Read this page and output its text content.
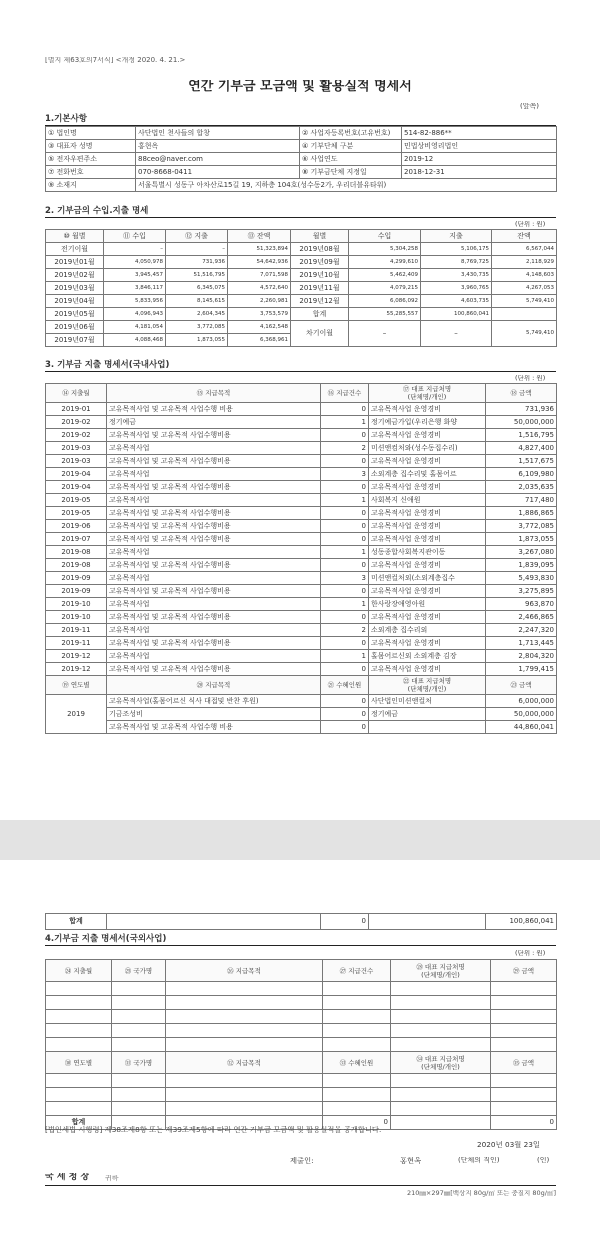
[별지 제63호의7서식] <개정 2020. 4. 21.>
연간 기부금 모금액 및 활용실적 명세서
(앞쪽)
1.기본사항
① 법인명	사단법인 천사들의 합창	② 사업자등록번호(고유번호)	514-82-886**
③ 대표자 성명	홍현옥	④ 기부단체 구분	민법상비영리법인
⑤ 전자우편주소	88ceo@naver.com	⑥ 사업연도	2019-12
⑦ 전화번호	070-8668-0411	⑧ 기부금단체 지정일	2018-12-31
⑨ 소재지	서울특별시 성동구 아차산로15길 19, 지하층 104호(성수동2가, 우리더블유타워)		
2. 기부금의 수입.지출 명세
(단위 : 원)
⑩ 월별	⑪ 수입	⑫ 지출	⑬ 잔액	월별	수입	지출	잔액
전기이월	–	–	51,323,894	2019년08월	5,304,258	5,106,175	6,567,044
2019년01월	4,050,978	731,936	54,642,936	2019년09월	4,299,610	8,769,725	2,118,929
2019년02월	3,945,457	51,516,795	7,071,598	2019년10월	5,462,409	3,430,735	4,148,603
2019년03월	3,846,117	6,345,075	4,572,640	2019년11월	4,079,215	3,960,765	4,267,053
2019년04월	5,833,956	8,145,615	2,260,981	2019년12월	6,086,092	4,603,735	5,749,410
2019년05월	4,096,943	2,604,345	3,753,579	합계	55,285,557	100,860,041	
2019년06월	4,181,054	3,772,085	4,162,548	차기이월	–	–	5,749,410
2019년07월	4,088,468	1,873,055	6,368,961				
3. 기부금 지출 명세서(국내사업)
(단위 : 원)
⑭ 지출월	⑮ 지급목적	⑯ 지급건수	⑰ 대표 지급처명
(단체명/개인)	⑱ 금액
2019-01	고유목적사업 및 고유목적 사업수행 비용	0	고유목적사업 운영경비	731,936
2019-02	정기예금	1	정기예금가입(우리은행 화양	50,000,000
2019-02	고유목적사업 및 고유목적 사업수행비용	0	고유목적사업 운영경비	1,516,795
2019-03	고유목적사업	2	미션앤컴처와(성수동집수리)	4,827,400
2019-03	고유목적사업 및 고유목적 사업수행비용	0	고유목적사업 운영경비	1,517,675
2019-04	고유목적사업	3	소외계층 집수리및 홀몸어르	6,109,980
2019-04	고유목적사업 및 고유목적 사업수행비용	0	고유목적사업 운영경비	2,035,635
2019-05	고유목적사업	1	사회복지 신애원	717,480
2019-05	고유목적사업 및 고유목적 사업수행비용	0	고유목적사업 운영경비	1,886,865
2019-06	고유목적사업 및 고유목적 사업수행비용	0	고유목적사업 운영경비	3,772,085
2019-07	고유목적사업 및 고유목적 사업수행비용	0	고유목적사업 운영경비	1,873,055
2019-08	고유목적사업	1	성동종합사회복지관이동	3,267,080
2019-08	고유목적사업 및 고유목적 사업수행비용	0	고유목적사업 운영경비	1,839,095
2019-09	고유목적사업	3	미션앤컬처외(소외계층집수	5,493,830
2019-09	고유목적사업 및 고유목적 사업수행비용	0	고유목적사업 운영경비	3,275,895
2019-10	고유목적사업	1	한사랑장애영아원	963,870
2019-10	고유목적사업 및 고유목적 사업수행비용	0	고유목적사업 운영경비	2,466,865
2019-11	고유목적사업	2	소외계층 집수리외	2,247,320
2019-11	고유목적사업 및 고유목적 사업수행비용	0	고유목적사업 운영경비	1,713,445
2019-12	고유목적사업	1	홀몸어르신외 소외계층 김장	2,804,320
2019-12	고유목적사업 및 고유목적 사업수행비용	0	고유목적사업 운영경비	1,799,415
⑲ 연도별	⑳ 지급목적	㉑ 수혜인원	㉒ 대표 지급처명
(단체명/개인)	㉓ 금액
2019	고유목적사업(홀몸어르신 식사 대접및 반찬 후원)	0	사단법인미션앤컬처	6,000,000
	기금조성비	0	정기예금	50,000,000
	고유목적사업 및 고유목적 사업수행 비용	0		44,860,041
합계		0		100,860,041
4.기부금 지출 명세서(국외사업)
(단위 : 원)
㉔ 지출월	㉕ 국가명	㉖ 지급목적	㉗ 지급건수	㉘ 대표 지급처명
(단체명/개인)	㉙ 금액

㉚ 연도별	㉛ 국가명	㉜ 지급목적	㉝ 수혜인원	㉞ 대표 지급처명
(단체명/개인)	㉟ 금액

합계			0		0
[법인세법 시행령] 제38조제8항 또는 제39조제5항에 따라 연간 기부금 모금액 및 활용실적을 공개합니다.
2020년 03월 23일
제출인:	홍현옥	(단체의 직인)	(인)
국 세 청 장 귀하
210㎜×297㎜[백상지 80g/㎡ 또는 중질지 80g/㎡]
